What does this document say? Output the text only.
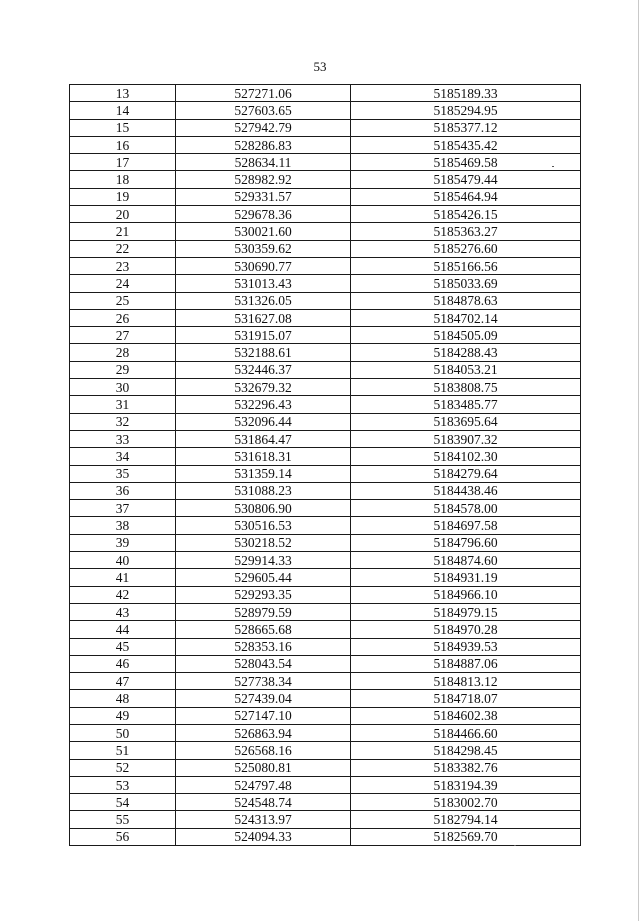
53
13	527271.06	5185189.33
14	527603.65	5185294.95
15	527942.79	5185377.12
16	528286.83	5185435.42
17	528634.11	5185469.58
18	528982.92	5185479.44
19	529331.57	5185464.94
20	529678.36	5185426.15
21	530021.60	5185363.27
22	530359.62	5185276.60
23	530690.77	5185166.56
24	531013.43	5185033.69
25	531326.05	5184878.63
26	531627.08	5184702.14
27	531915.07	5184505.09
28	532188.61	5184288.43
29	532446.37	5184053.21
30	532679.32	5183808.75
31	532296.43	5183485.77
32	532096.44	5183695.64
33	531864.47	5183907.32
34	531618.31	5184102.30
35	531359.14	5184279.64
36	531088.23	5184438.46
37	530806.90	5184578.00
38	530516.53	5184697.58
39	530218.52	5184796.60
40	529914.33	5184874.60
41	529605.44	5184931.19
42	529293.35	5184966.10
43	528979.59	5184979.15
44	528665.68	5184970.28
45	528353.16	5184939.53
46	528043.54	5184887.06
47	527738.34	5184813.12
48	527439.04	5184718.07
49	527147.10	5184602.38
50	526863.94	5184466.60
51	526568.16	5184298.45
52	525080.81	5183382.76
53	524797.48	5183194.39
54	524548.74	5183002.70
55	524313.97	5182794.14
56	524094.33	5182569.70
